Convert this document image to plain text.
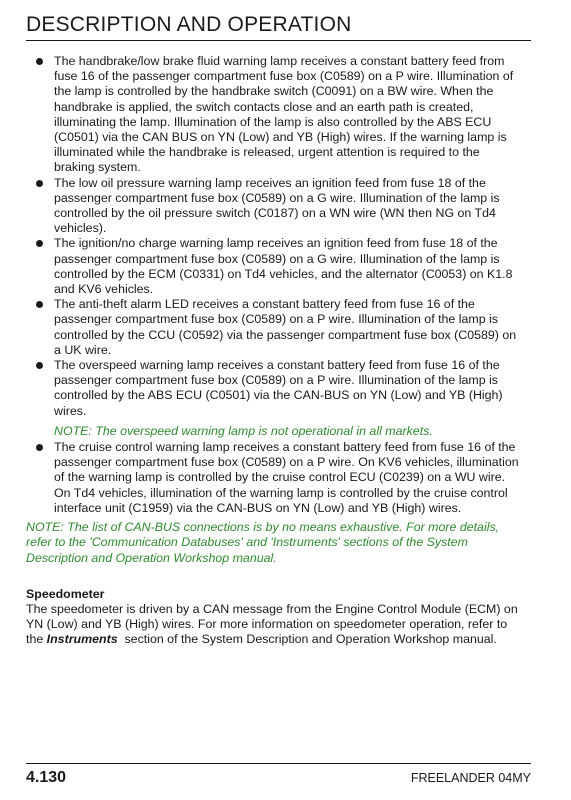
DESCRIPTION AND OPERATION
The handbrake/low brake fluid warning lamp receives a constant battery feed from fuse 16 of the passenger compartment fuse box (C0589) on a P wire. Illumination of the lamp is controlled by the handbrake switch (C0091) on a BW wire. When the handbrake is applied, the switch contacts close and an earth path is created, illuminating the lamp. Illumination of the lamp is also controlled by the ABS ECU (C0501) via the CAN BUS on YN (Low) and YB (High) wires. If the warning lamp is illuminated while the handbrake is released, urgent attention is required to the braking system.
The low oil pressure warning lamp receives an ignition feed from fuse 18 of the passenger compartment fuse box (C0589) on a G wire. Illumination of the lamp is controlled by the oil pressure switch (C0187) on a WN wire (WN then NG on Td4 vehicles).
The ignition/no charge warning lamp receives an ignition feed from fuse 18 of the passenger compartment fuse box (C0589) on a G wire. Illumination of the lamp is controlled by the ECM (C0331) on Td4 vehicles, and the alternator (C0053) on K1.8 and KV6 vehicles.
The anti-theft alarm LED receives a constant battery feed from fuse 16 of the passenger compartment fuse box (C0589) on a P wire. Illumination of the lamp is controlled by the CCU (C0592) via the passenger compartment fuse box (C0589) on a UK wire.
The overspeed warning lamp receives a constant battery feed from fuse 16 of the passenger compartment fuse box (C0589) on a P wire. Illumination of the lamp is controlled by the ABS ECU (C0501) via the CAN-BUS on YN (Low) and YB (High) wires.
NOTE: The overspeed warning lamp is not operational in all markets.
The cruise control warning lamp receives a constant battery feed from fuse 16 of the passenger compartment fuse box (C0589) on a P wire. On KV6 vehicles, illumination of the warning lamp is controlled by the cruise control ECU (C0239) on a WU wire. On Td4 vehicles, illumination of the warning lamp is controlled by the cruise control interface unit (C1959) via the CAN-BUS on YN (Low) and YB (High) wires.
NOTE: The list of CAN-BUS connections is by no means exhaustive. For more details, refer to the 'Communication Databuses' and 'Instruments' sections of the System Description and Operation Workshop manual.
Speedometer
The speedometer is driven by a CAN message from the Engine Control Module (ECM) on YN (Low) and YB (High) wires. For more information on speedometer operation, refer to the Instruments  section of the System Description and Operation Workshop manual.
4.130	FREELANDER 04MY
